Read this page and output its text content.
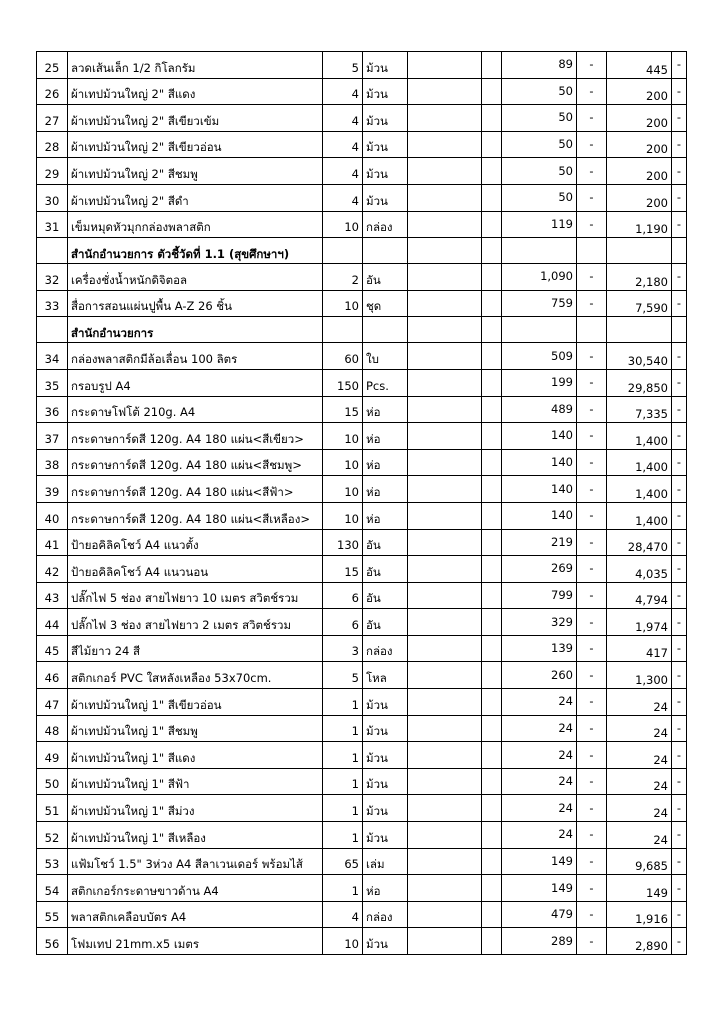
25	ลวดเส้นเล็ก 1/2 กิโลกรัม	5	ม้วน			89	-	445	-
26	ผ้าเทปม้วนใหญ่ 2" สีแดง	4	ม้วน			50	-	200	-
27	ผ้าเทปม้วนใหญ่ 2" สีเขียวเข้ม	4	ม้วน			50	-	200	-
28	ผ้าเทปม้วนใหญ่ 2" สีเขียวอ่อน	4	ม้วน			50	-	200	-
29	ผ้าเทปม้วนใหญ่ 2" สีชมพู	4	ม้วน			50	-	200	-
30	ผ้าเทปม้วนใหญ่ 2" สีดำ	4	ม้วน			50	-	200	-
31	เข็มหมุดหัวมุกกล่องพลาสติก	10	กล่อง			119	-	1,190	-
	สำนักอำนวยการ ตัวชี้วัดที่ 1.1 (สุขศึกษาฯ)								
32	เครื่องชั่งน้ำหนักดิจิตอล	2	อัน			1,090	-	2,180	-
33	สื่อการสอนแผ่นปูพื้น A-Z 26 ชิ้น	10	ชุด			759	-	7,590	-
	สำนักอำนวยการ								
34	กล่องพลาสติกมีล้อเลื่อน 100 ลิตร	60	ใบ			509	-	30,540	-
35	กรอบรูป A4	150	Pcs.			199	-	29,850	-
36	กระดาษโฟโต้ 210g. A4	15	ห่อ			489	-	7,335	-
37	กระดาษการ์ดสี 120g. A4 180 แผ่น<สีเขียว>	10	ห่อ			140	-	1,400	-
38	กระดาษการ์ดสี 120g. A4 180 แผ่น<สีชมพู>	10	ห่อ			140	-	1,400	-
39	กระดาษการ์ดสี 120g. A4 180 แผ่น<สีฟ้า>	10	ห่อ			140	-	1,400	-
40	กระดาษการ์ดสี 120g. A4 180 แผ่น<สีเหลือง>	10	ห่อ			140	-	1,400	-
41	ป้ายอคิลิคโชว์ A4 แนวตั้ง	130	อัน			219	-	28,470	-
42	ป้ายอคิลิคโชว์ A4 แนวนอน	15	อัน			269	-	4,035	-
43	ปลั๊กไฟ 5 ช่อง สายไฟยาว 10 เมตร สวิตช์รวม	6	อัน			799	-	4,794	-
44	ปลั๊กไฟ 3 ช่อง สายไฟยาว 2 เมตร สวิตช์รวม	6	อัน			329	-	1,974	-
45	สีไม้ยาว 24 สี	3	กล่อง			139	-	417	-
46	สติกเกอร์ PVC ใสหลังเหลือง 53x70cm.	5	โหล			260	-	1,300	-
47	ผ้าเทปม้วนใหญ่ 1" สีเขียวอ่อน	1	ม้วน			24	-	24	-
48	ผ้าเทปม้วนใหญ่ 1" สีชมพู	1	ม้วน			24	-	24	-
49	ผ้าเทปม้วนใหญ่ 1" สีแดง	1	ม้วน			24	-	24	-
50	ผ้าเทปม้วนใหญ่ 1" สีฟ้า	1	ม้วน			24	-	24	-
51	ผ้าเทปม้วนใหญ่ 1" สีม่วง	1	ม้วน			24	-	24	-
52	ผ้าเทปม้วนใหญ่ 1" สีเหลือง	1	ม้วน			24	-	24	-
53	แฟ้มโชว์ 1.5" 3ห่วง A4 สีลาเวนเดอร์ พร้อมไส้	65	เล่ม			149	-	9,685	-
54	สติกเกอร์กระดาษขาวด้าน A4	1	ห่อ			149	-	149	-
55	พลาสติกเคลือบบัตร A4	4	กล่อง			479	-	1,916	-
56	โฟมเทป 21mm.x5 เมตร	10	ม้วน			289	-	2,890	-
